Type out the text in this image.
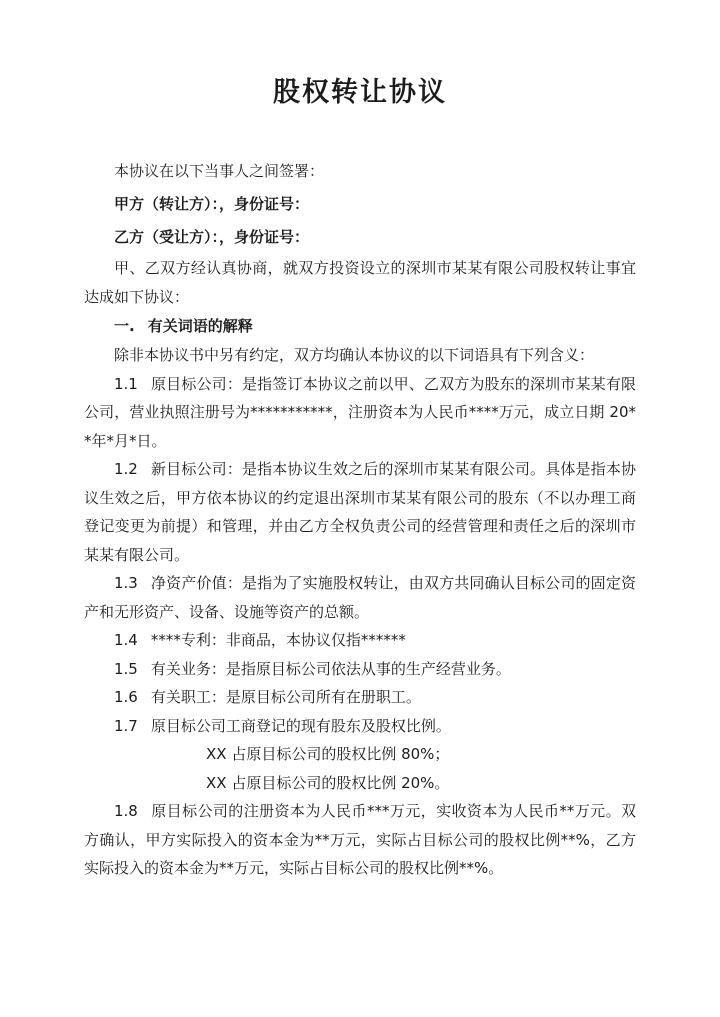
股权转让协议

本协议在以下当事人之间签署：

甲方（转让方）：，身份证号：

乙方（受让方）：，身份证号：

甲、乙双方经认真协商，就双方投资设立的深圳市某某有限公司股权转让事宜达成如下协议：

一. 有关词语的解释

除非本协议书中另有约定，双方均确认本协议的以下词语具有下列含义：

1.1 原目标公司：是指签订本协议之前以甲、乙双方为股东的深圳市某某有限公司，营业执照注册号为***********，注册资本为人民币****万元，成立日期 20**年*月*日。

1.2 新目标公司：是指本协议生效之后的深圳市某某有限公司。具体是指本协议生效之后，甲方依本协议的约定退出深圳市某某有限公司的股东（不以办理工商登记变更为前提）和管理，并由乙方全权负责公司的经营管理和责任之后的深圳市某某有限公司。

1.3 净资产价值：是指为了实施股权转让，由双方共同确认目标公司的固定资产和无形资产、设备、设施等资产的总额。

1.4 ****专利：非商品，本协议仅指******

1.5 有关业务：是指原目标公司依法从事的生产经营业务。

1.6 有关职工：是原目标公司所有在册职工。

1.7 原目标公司工商登记的现有股东及股权比例。

XX 占原目标公司的股权比例 80%；

XX 占原目标公司的股权比例 20%。

1.8 原目标公司的注册资本为人民币***万元，实收资本为人民币**万元。双方确认，甲方实际投入的资本金为**万元，实际占目标公司的股权比例**%，乙方实际投入的资本金为**万元，实际占目标公司的股权比例**%。
